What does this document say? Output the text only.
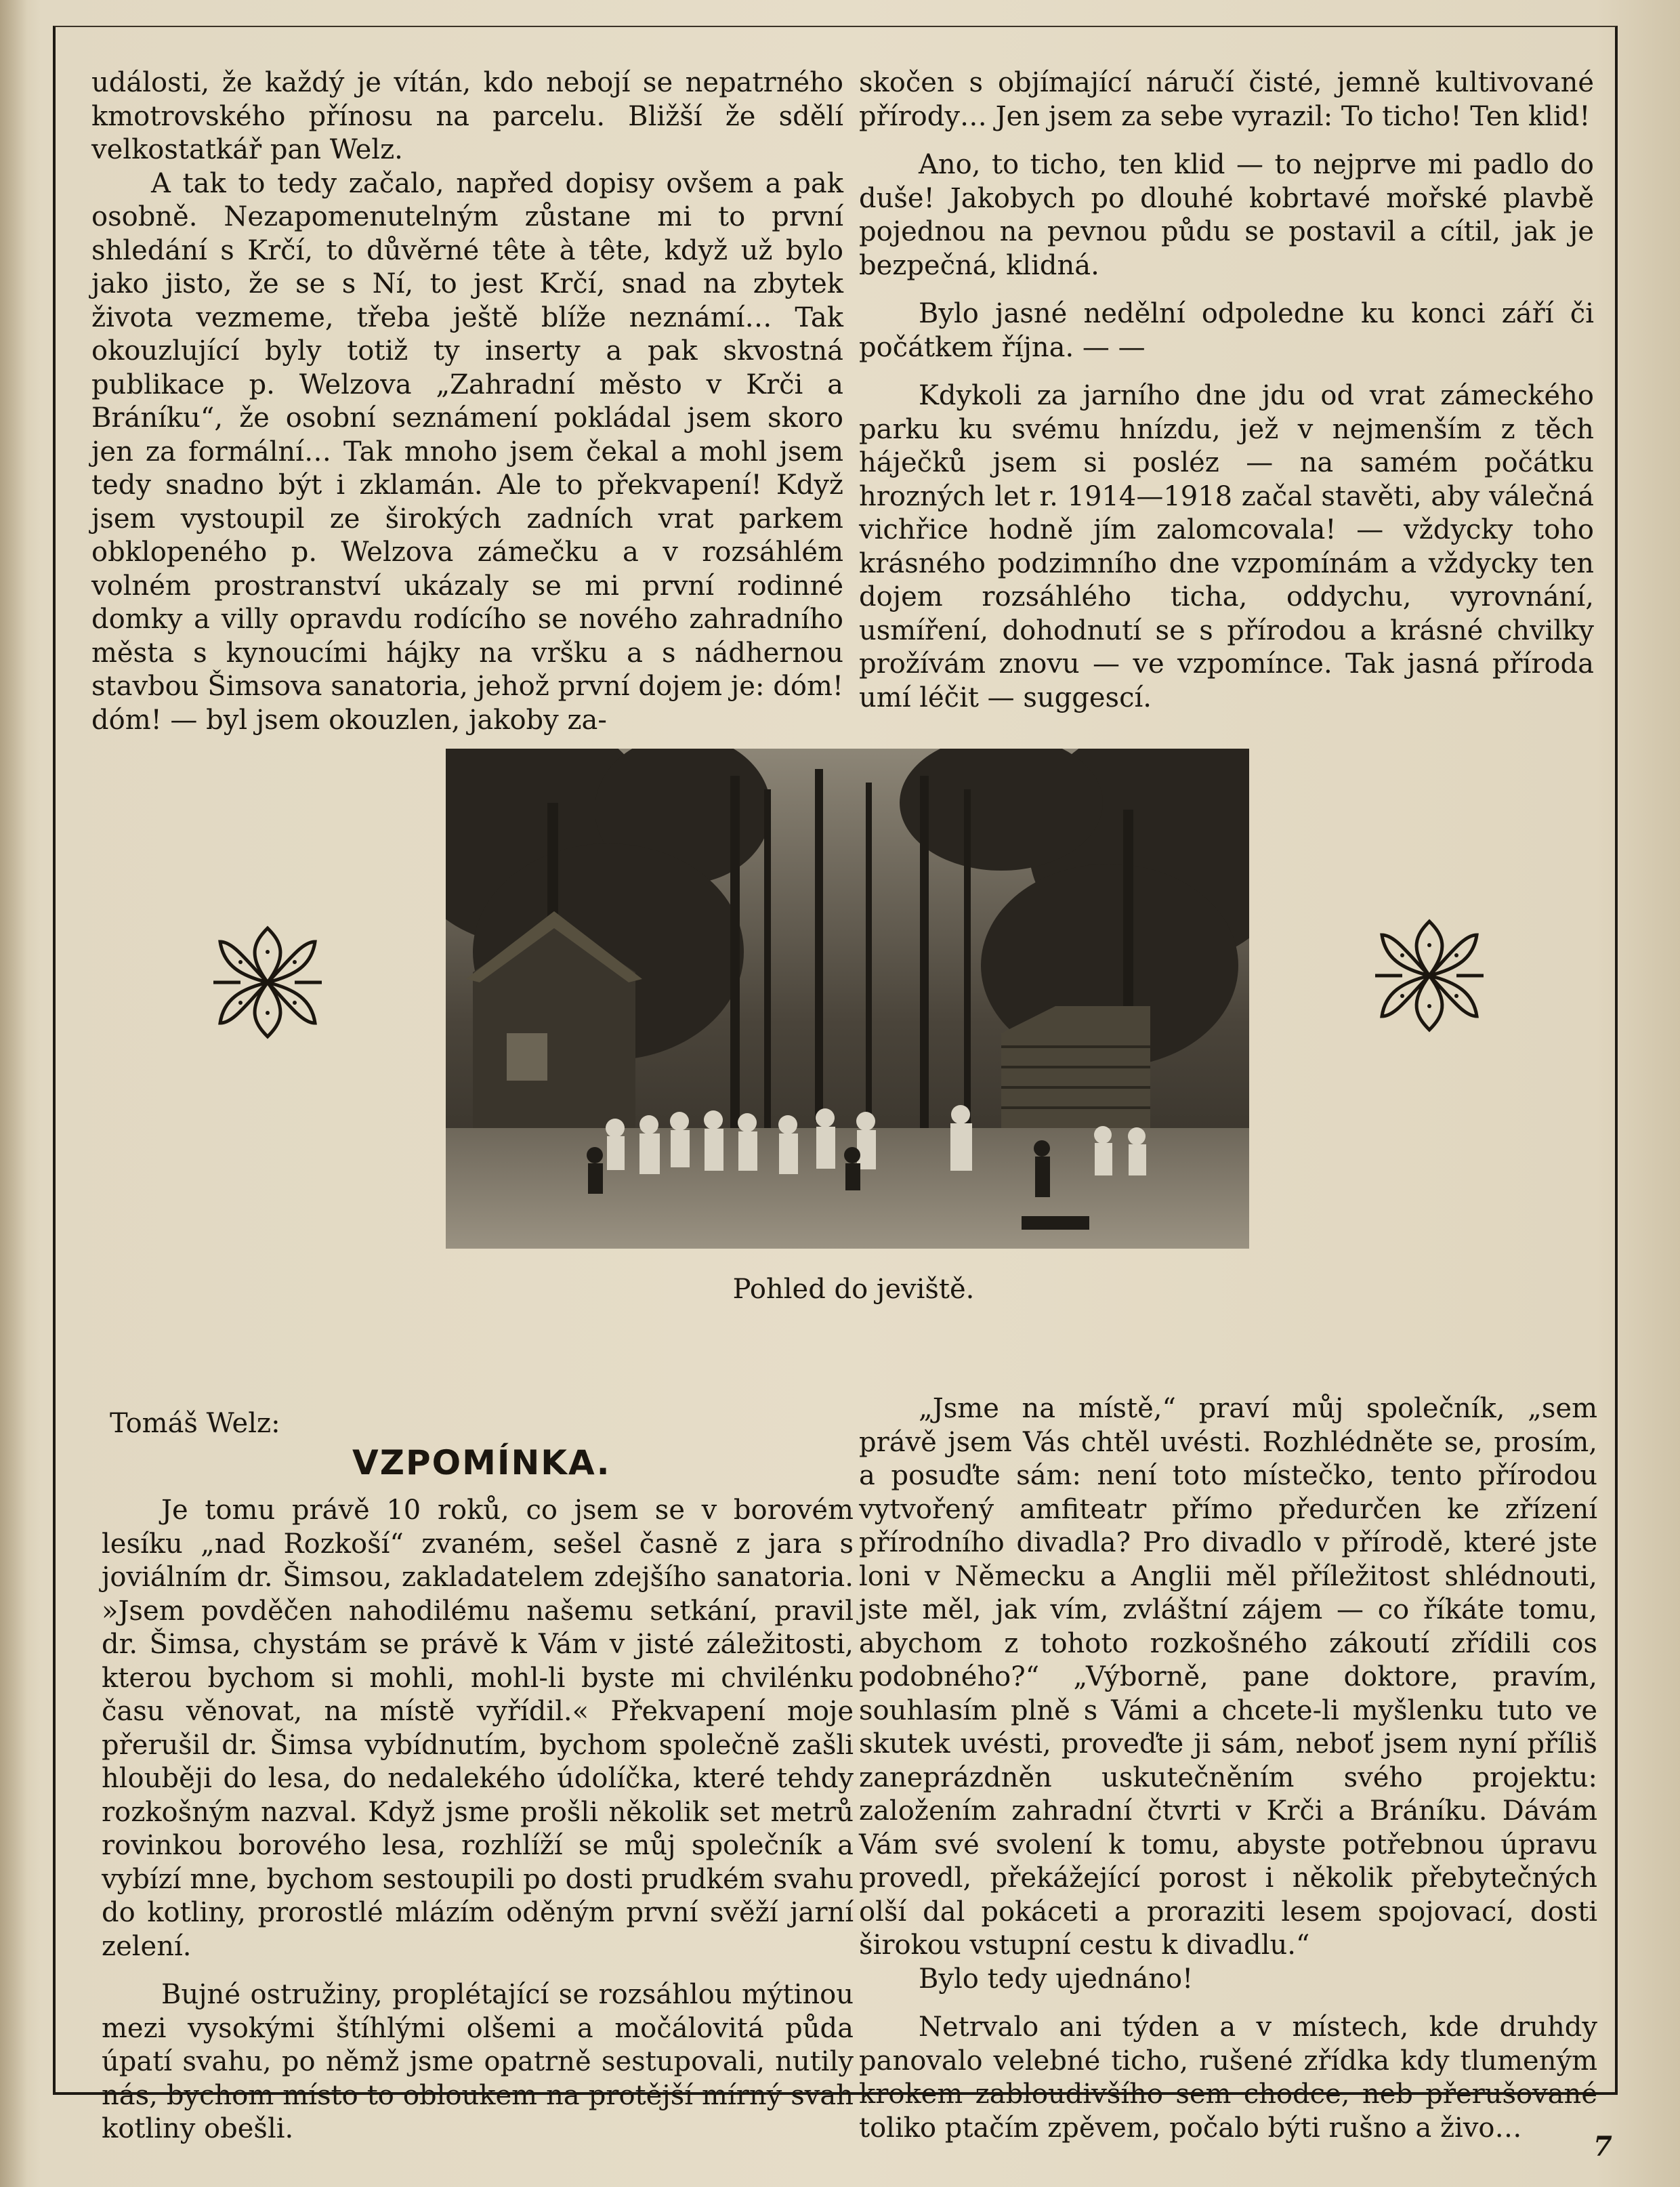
události, že každý je vítán, kdo nebojí se nepatrného kmotrovského přínosu na parcelu. Bližší že sdělí velkostatkář pan Welz.

A tak to tedy začalo, napřed dopisy ovšem a pak osobně. Nezapomenutelným zůstane mi to první shledání s Krčí, to důvěrné tête à tête, když už bylo jako jisto, že se s Ní, to jest Krčí, snad na zbytek života vezmeme, třeba ještě blíže neznámí… Tak okouzlující byly totiž ty inserty a pak skvostná publikace p. Welzova „Zahradní město v Krči a Bráníku“, že osobní seznámení pokládal jsem skoro jen za formální… Tak mnoho jsem čekal a mohl jsem tedy snadno být i zklamán. Ale to překvapení! Když jsem vystoupil ze širokých zadních vrat parkem obklopeného p. Welzova zámečku a v rozsáhlém volném prostranství ukázaly se mi první rodinné domky a villy opravdu rodícího se nového zahradního města s kynoucími hájky na vršku a s nádhernou stavbou Šimsova sanatoria, jehož první dojem je: dóm! dóm! — byl jsem okouzlen, jakoby za-

skočen s objímající náručí čisté, jemně kultivované přírody… Jen jsem za sebe vyrazil: To ticho! Ten klid!

Ano, to ticho, ten klid — to nejprve mi padlo do duše! Jakobych po dlouhé kobrtavé mořské plavbě pojednou na pevnou půdu se postavil a cítil, jak je bezpečná, klidná.

Bylo jasné nedělní odpoledne ku konci září či počátkem října. — —

Kdykoli za jarního dne jdu od vrat zámeckého parku ku svému hnízdu, jež v nejmenším z těch háječků jsem si posléz — na samém počátku hrozných let r. 1914—1918 začal stavěti, aby válečná vichřice hodně jím zalomcovala! — vždycky toho krásného podzimního dne vzpomínám a vždycky ten dojem rozsáhlého ticha, oddychu, vyrovnání, usmíření, dohodnutí se s přírodou a krásné chvilky prožívám znovu — ve vzpomínce. Tak jasná příroda umí léčit — suggescí.

Pohled do jeviště.
Tomáš Welz:
VZPOMÍNKA.

Je tomu právě 10 roků, co jsem se v borovém lesíku „nad Rozkoší“ zvaném, sešel časně z jara s joviálním dr. Šimsou, zakladatelem zdejšího sanatoria. »Jsem povděčen nahodilému našemu setkání, pravil dr. Šimsa, chystám se právě k Vám v jisté záležitosti, kterou bychom si mohli, mohl-li byste mi chvilénku času věnovat, na místě vyřídil.« Překvapení moje přerušil dr. Šimsa vybídnutím, bychom společně zašli hlouběji do lesa, do nedalekého údolíčka, které tehdy rozkošným nazval. Když jsme prošli několik set metrů rovinkou borového lesa, rozhlíží se můj společník a vybízí mne, bychom sestoupili po dosti prudkém svahu do kotliny, prorostlé mlázím oděným první svěží jarní zelení.

Bujné ostružiny, proplétající se rozsáhlou mýtinou mezi vysokými štíhlými olšemi a močálovitá půda úpatí svahu, po němž jsme opatrně sestupovali, nutily nás, bychom místo to obloukem na protější mírný svah kotliny obešli.

„Jsme na místě,“ praví můj společník, „sem právě jsem Vás chtěl uvésti. Rozhlédněte se, prosím, a posuďte sám: není toto místečko, tento přírodou vytvořený amfiteatr přímo předurčen ke zřízení přírodního divadla? Pro divadlo v přírodě, které jste loni v Německu a Anglii měl příležitost shlédnouti, jste měl, jak vím, zvláštní zájem — co říkáte tomu, abychom z tohoto rozkošného zákoutí zřídili cos podobného?“ „Výborně, pane doktore, pravím, souhlasím plně s Vámi a chcete-li myšlenku tuto ve skutek uvésti, proveďte ji sám, neboť jsem nyní příliš zaneprázdněn uskutečněním svého projektu: založením zahradní čtvrti v Krči a Bráníku. Dávám Vám své svolení k tomu, abyste potřebnou úpravu provedl, překážející porost i několik přebytečných olší dal pokáceti a proraziti lesem spojovací, dosti širokou vstupní cestu k divadlu.“

Bylo tedy ujednáno!

Netrvalo ani týden a v místech, kde druhdy panovalo velebné ticho, rušené zřídka kdy tlumeným krokem zabloudivšího sem chodce, neb přerušované toliko ptačím zpěvem, počalo býti rušno a živo…

7
